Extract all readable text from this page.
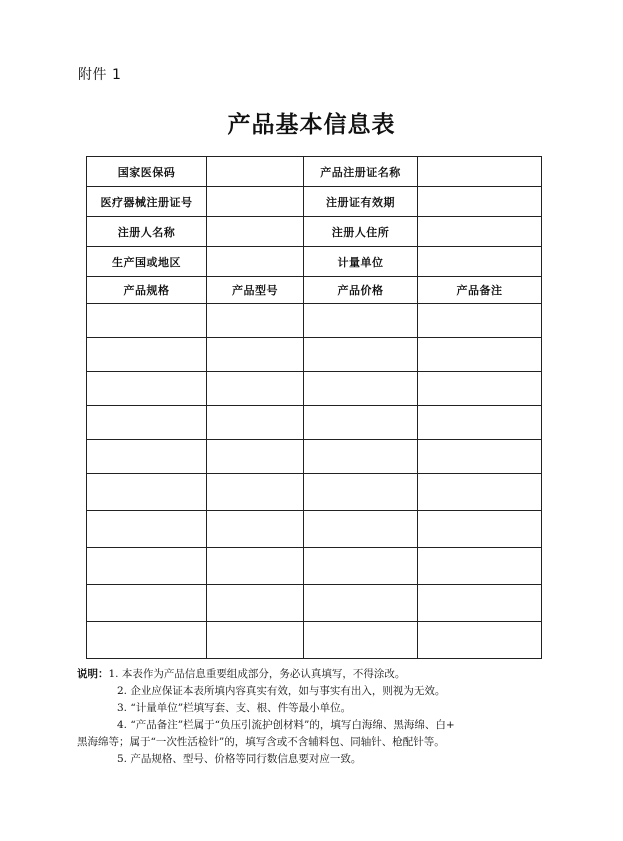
附件 1
产品基本信息表
国家医保码		产品注册证名称	
医疗器械注册证号		注册证有效期	
注册人名称		注册人住所	
生产国或地区		计量单位	
产品规格	产品型号	产品价格	产品备注

说明：1. 本表作为产品信息重要组成部分，务必认真填写，不得涂改。
2. 企业应保证本表所填内容真实有效，如与事实有出入，则视为无效。
3. “计量单位”栏填写套、支、根、件等最小单位。
4. “产品备注”栏属于“负压引流护创材料”的，填写白海绵、黑海绵、白+
黑海绵等；属于“一次性活检针”的，填写含或不含辅料包、同轴针、枪配针等。
5. 产品规格、型号、价格等同行数信息要对应一致。
